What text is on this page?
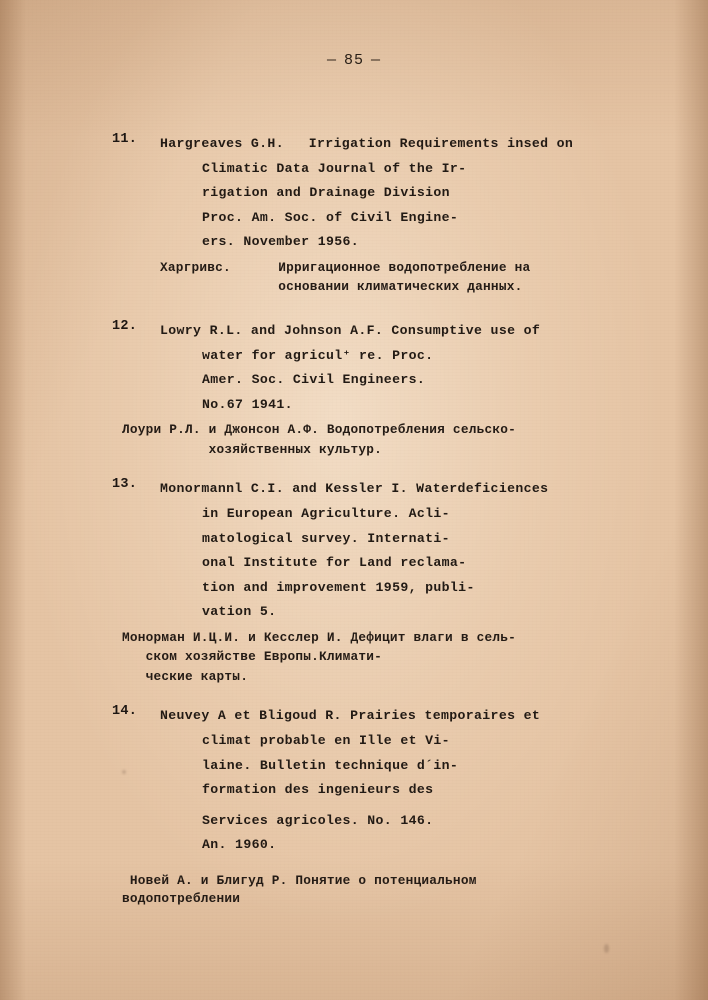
— 85 —
11.	Hargreaves G.H.   Irrigation Requirements insed on
Climatic Data Journal of the Ir-
rigation and Drainage Division
Proc. Am. Soc. of Civil Engine-
ers. November 1956.
Харгривс.      Ирригационное водопотребление на
основании климатических данных.
12.	Lowry R.L. and Johnson A.F. Consumptive use of
water for agricul⁺ re. Proc.
Amer. Soc. Civil Engineers.
No.67 1941.
Лоури Р.Л. и Джонсон А.Ф. Водопотребления сельско-
хозяйственных культур.
13.	Monormannl C.I. and Kessler I. Waterdeficiences
in European Agriculture. Acli-
matological survey. Internati-
onal Institute for Land reclama-
tion and improvement 1959, publi-
vation 5.
Монорман И.Ц.И. и Кесслер И. Дефицит влаги в сель-
ском хозяйстве Европы.Климати-
ческие карты.
14.	Neuvey A et Bligoud R. Prairies temporaires et
climat probable en Ille et Vi-
laine. Bulletin technique d´in-
formation des ingenieurs des
Services agricoles. No. 146.
An. 1960.
Новей А. и Блигуд Р. Понятие о потенциальном
водопотреблении
